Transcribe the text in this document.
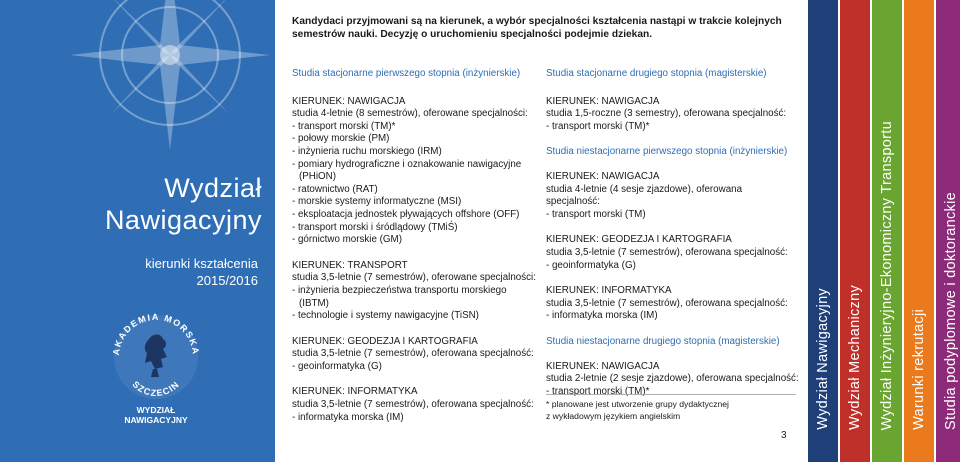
Wydział
Nawigacyjny
kierunki kształcenia
2015/2016
AKADEMIA MORSKA
SZCZECIN
WYDZIAŁ
NAWIGACYJNY
Kandydaci przyjmowani są na kierunek, a wybór specjalności kształcenia nastąpi w trakcie kolejnych semestrów nauki. Decyzję o uruchomieniu specjalności podejmie dziekan.
Studia stacjonarne pierwszego stopnia (inżynierskie)
KIERUNEK: NAWIGACJA
studia 4-letnie (8 semestrów), oferowane specjalności:
- transport morski (TM)*
- połowy morskie (PM)
- inżynieria ruchu morskiego (IRM)
- pomiary hydrograficzne i oznakowanie nawigacyjne
(PHiON)
- ratownictwo (RAT)
- morskie systemy informatyczne (MSI)
- eksploatacja jednostek pływających offshore (OFF)
- transport morski i śródlądowy (TMiŚ)
- górnictwo morskie (GM)
KIERUNEK: TRANSPORT
studia 3,5-letnie (7 semestrów), oferowane specjalności:
- inżynieria bezpieczeństwa transportu morskiego
(IBTM)
- technologie i systemy nawigacyjne (TiSN)
KIERUNEK: GEODEZJA I KARTOGRAFIA
studia 3,5-letnie (7 semestrów), oferowana specjalność:
- geoinformatyka (G)
KIERUNEK: INFORMATYKA
studia 3,5-letnie (7 semestrów), oferowana specjalność:
- informatyka morska (IM)
Studia stacjonarne drugiego stopnia (magisterskie)
KIERUNEK: NAWIGACJA
studia 1,5-roczne (3 semestry), oferowana specjalność:
- transport morski (TM)*
Studia niestacjonarne pierwszego stopnia (inżynierskie)
KIERUNEK: NAWIGACJA
studia 4-letnie (4 sesje zjazdowe), oferowana
specjalność:
- transport morski (TM)
KIERUNEK: GEODEZJA I KARTOGRAFIA
studia 3,5-letnie (7 semestrów), oferowana specjalność:
- geoinformatyka (G)
KIERUNEK: INFORMATYKA
studia 3,5-letnie (7 semestrów), oferowana specjalność:
- informatyka morska (IM)
Studia niestacjonarne drugiego stopnia (magisterskie)
KIERUNEK: NAWIGACJA
studia 2-letnie (2 sesje zjazdowe), oferowana specjalność:
- transport morski (TM)*
* planowane jest utworzenie grupy dydaktycznej
z wykładowym językiem angielskim
3
Wydział Nawigacyjny Wydział Mechaniczny Wydział Inżynieryjno-Ekonomiczny Transportu Warunki rekrutacji Studia podyplomowe i doktoranckie
